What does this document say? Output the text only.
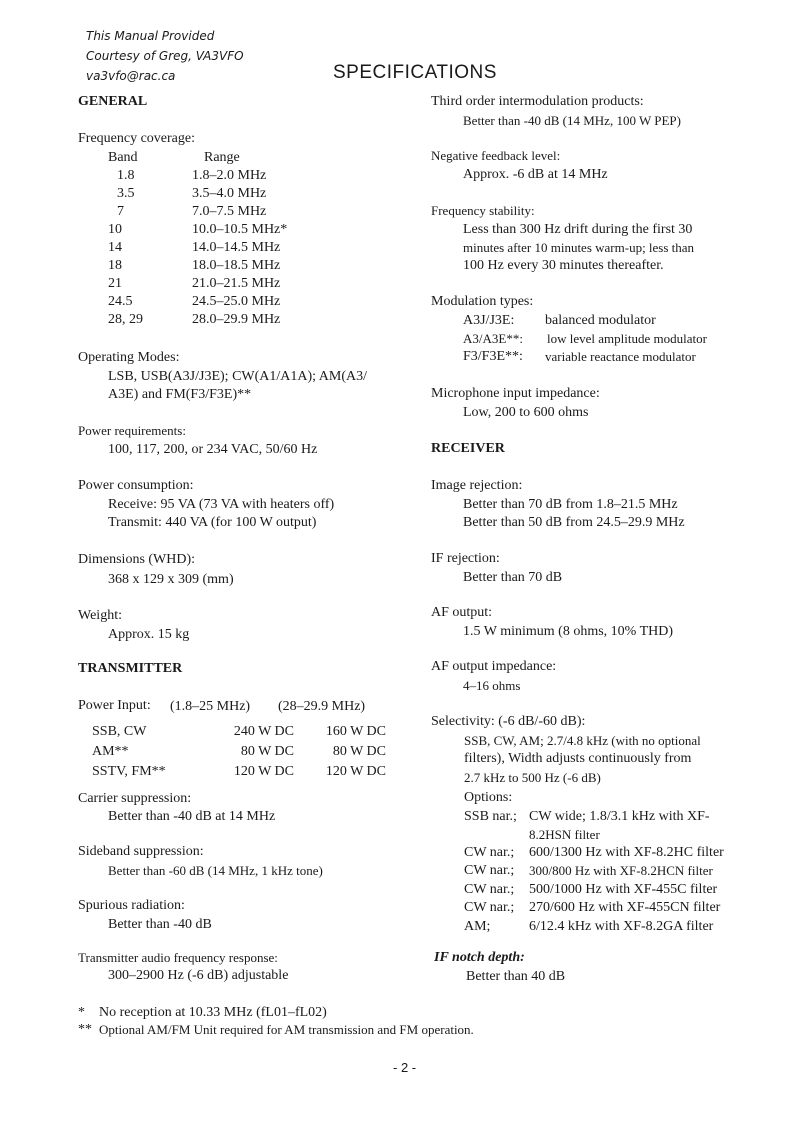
This Manual Provided
Courtesy of Greg, VA3VFO
va3vfo@rac.ca	SPECIFICATIONS
GENERAL
Frequency coverage:
Band	Range
1.8	1.8–2.0 MHz
3.5	3.5–4.0 MHz
7	7.0–7.5 MHz
10	10.0–10.5 MHz*
14	14.0–14.5 MHz
18	18.0–18.5 MHz
21	21.0–21.5 MHz
24.5	24.5–25.0 MHz
28, 29	28.0–29.9 MHz
Operating Modes:
LSB, USB(A3J/J3E); CW(A1/A1A); AM(A3/
A3E) and FM(F3/F3E)**
Power requirements:
100, 117, 200, or 234 VAC, 50/60 Hz
Power consumption:
Receive: 95 VA (73 VA with heaters off)
Transmit: 440 VA (for 100 W output)
Dimensions (WHD):
368 x 129 x 309 (mm)
Weight:
Approx. 15 kg
TRANSMITTER
Power Input: (1.8–25 MHz) (28–29.9 MHz)
SSB, CW	240 W DC	160 W DC
AM**	80 W DC	80 W DC
SSTV, FM**	120 W DC	120 W DC
Carrier suppression:
Better than -40 dB at 14 MHz
Sideband suppression:
Better than -60 dB (14 MHz, 1 kHz tone)
Spurious radiation:
Better than -40 dB
Transmitter audio frequency response:
300–2900 Hz (-6 dB) adjustable
Third order intermodulation products:
Better than -40 dB (14 MHz, 100 W PEP)
Negative feedback level:
Approx. -6 dB at 14 MHz
Frequency stability:
Less than 300 Hz drift during the first 30
minutes after 10 minutes warm-up; less than
100 Hz every 30 minutes thereafter.
Modulation types:
A3J/J3E: balanced modulator
A3/A3E**: low level amplitude modulator
F3/F3E**: variable reactance modulator
Microphone input impedance:
Low, 200 to 600 ohms
RECEIVER
Image rejection:
Better than 70 dB from 1.8–21.5 MHz
Better than 50 dB from 24.5–29.9 MHz
IF rejection:
Better than 70 dB
AF output:
1.5 W minimum (8 ohms, 10% THD)
AF output impedance:
4–16 ohms
Selectivity: (-6 dB/-60 dB):
SSB, CW, AM; 2.7/4.8 kHz (with no optional
filters), Width adjusts continuously from
2.7 kHz to 500 Hz (-6 dB)
Options:
SSB nar.; CW wide; 1.8/3.1 kHz with XF-
8.2HSN filter
CW nar.; 600/1300 Hz with XF-8.2HC filter
CW nar.; 300/800 Hz with XF-8.2HCN filter
CW nar.; 500/1000 Hz with XF-455C filter
CW nar.; 270/600 Hz with XF-455CN filter
AM;	6/12.4 kHz with XF-8.2GA filter
IF notch depth:
Better than 40 dB
* No reception at 10.33 MHz (fL01–fL02)
** Optional AM/FM Unit required for AM transmission and FM operation.
- 2 -
